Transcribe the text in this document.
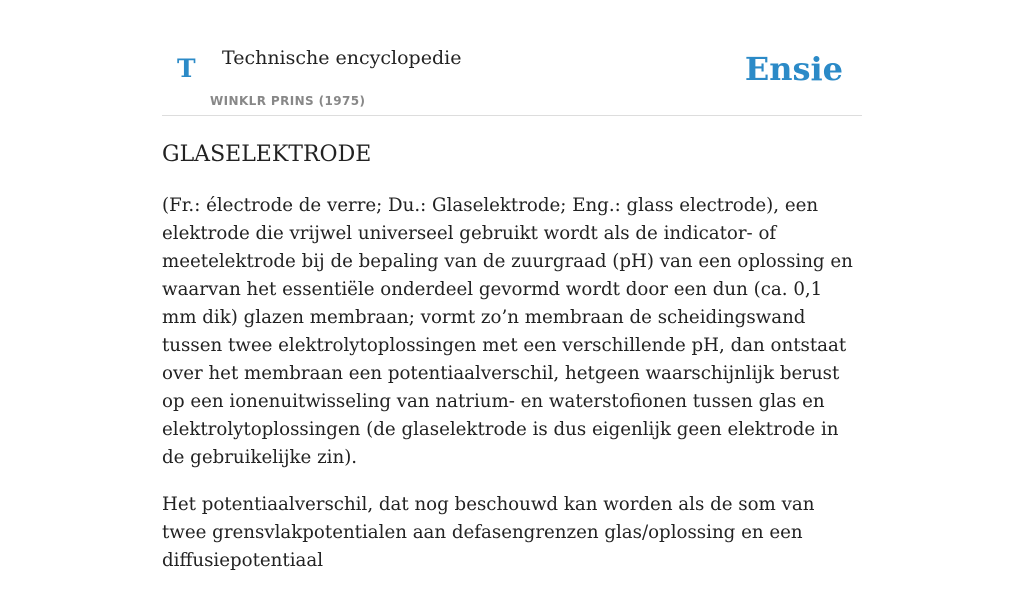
T Technische encyclopedie
WINKLR PRINS (1975)
Ensie
GLASELEKTRODE

(Fr.: électrode de verre; Du.: Glaselektrode; Eng.: glass electrode), een elektrode die vrijwel universeel gebruikt wordt als de indicator- of meetelektrode bij de bepaling van de zuurgraad (pH) van een oplossing en waarvan het essentiële onderdeel gevormd wordt door een dun (ca. 0,1 mm dik) glazen membraan; vormt zo’n membraan de scheidingswand tussen twee elektrolytoplossingen met een verschillende pH, dan ontstaat over het membraan een potentiaalverschil, hetgeen waarschijnlijk berust op een ionenuitwisseling van natrium- en waterstofionen tussen glas en elektrolytoplossingen (de glaselektrode is dus eigenlijk geen elektrode in de gebruikelijke zin).

Het potentiaalverschil, dat nog beschouwd kan worden als de som van twee grensvlakpotentialen aan defasengrenzen glas/oplossing en een diffusiepotentiaal
